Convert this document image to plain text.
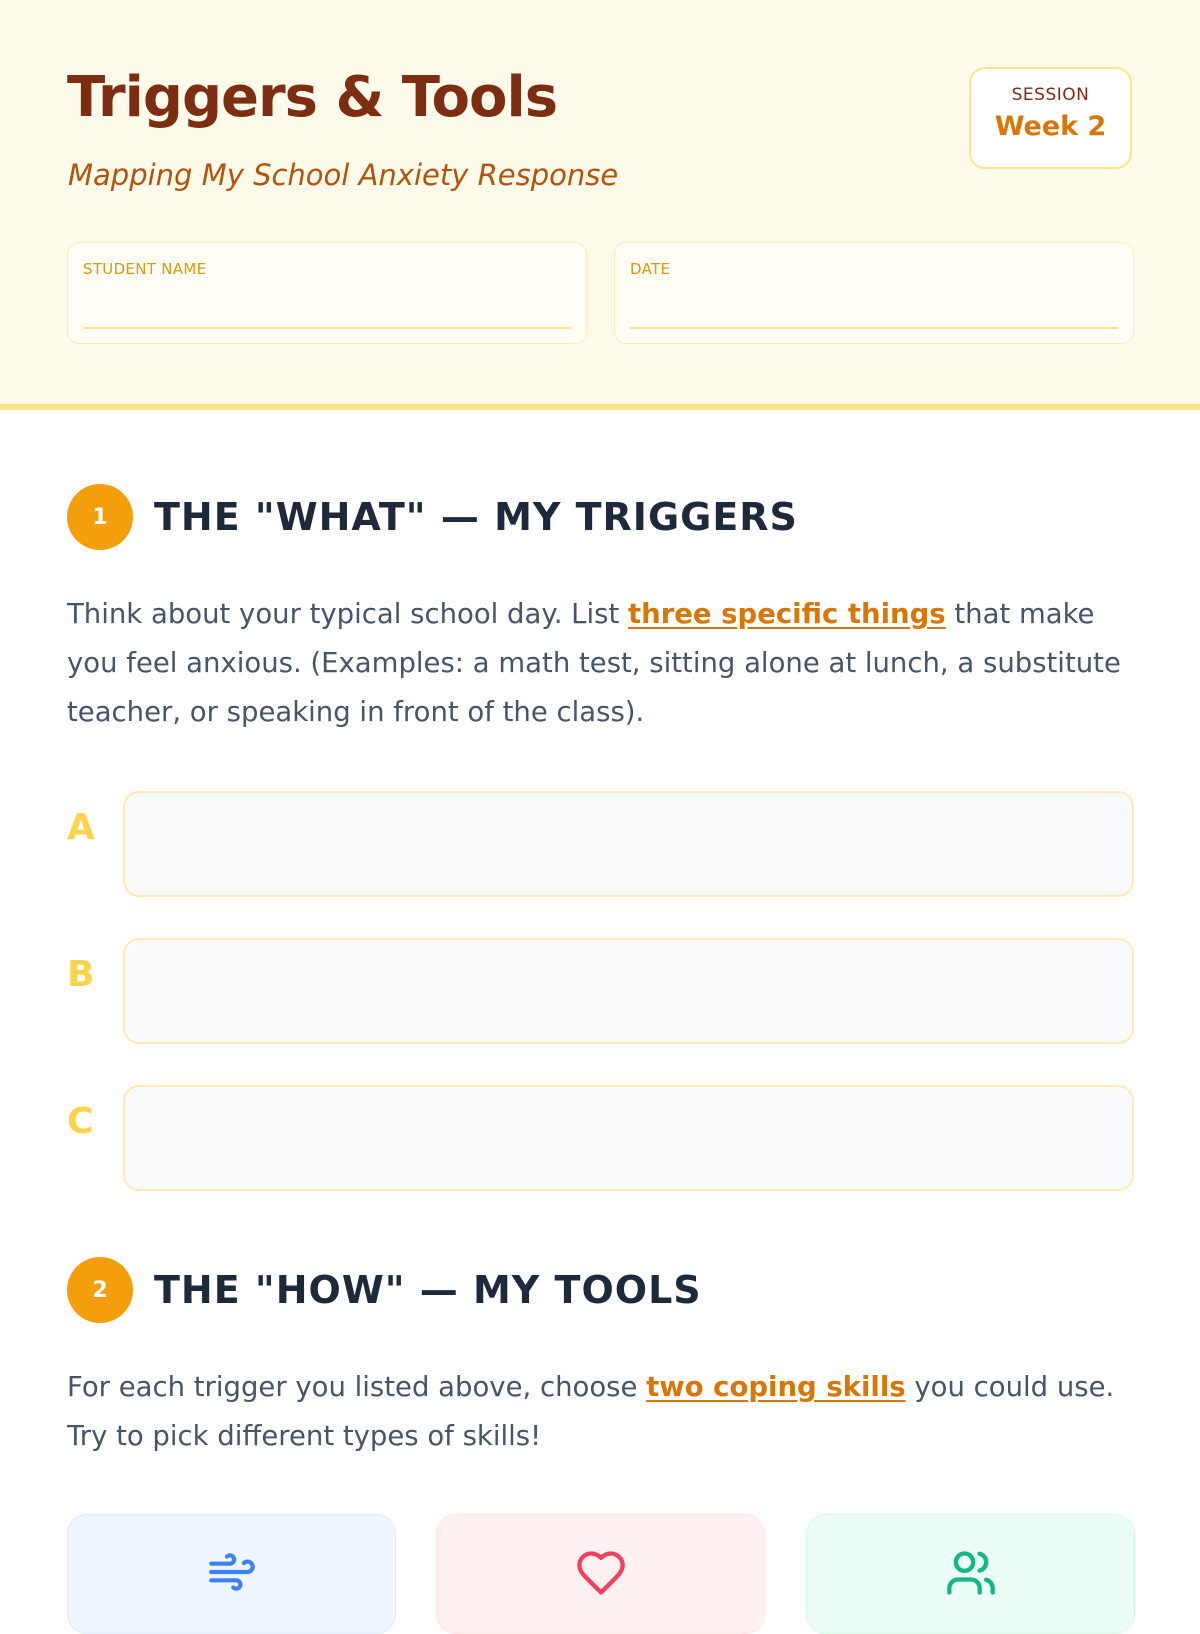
Triggers & Tools

Mapping My School Anxiety Response

SESSION
Week 2
STUDENT NAME	DATE
1	THE "WHAT" — MY TRIGGERS

Think about your typical school day. List three specific things that make you feel anxious. (Examples: a math test, sitting alone at lunch, a substitute teacher, or speaking in front of the class).

A
B
C
2	THE "HOW" — MY TOOLS

For each trigger you listed above, choose two coping skills you could use. Try to pick different types of skills!
